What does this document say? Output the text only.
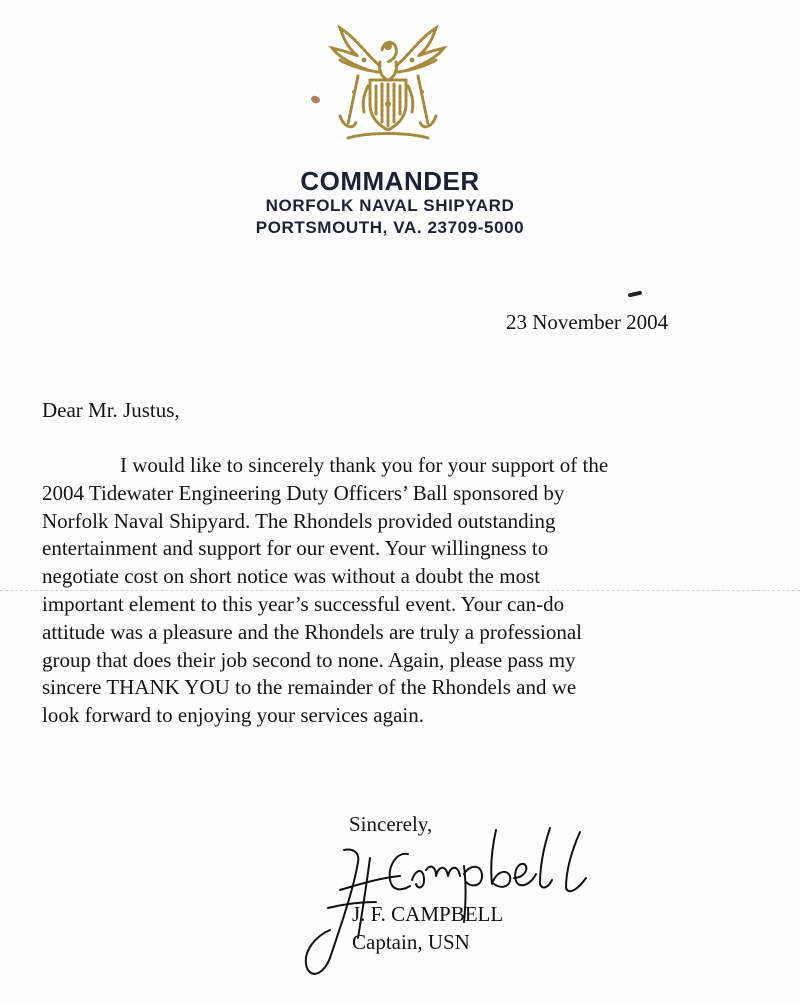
COMMANDER
NORFOLK NAVAL SHIPYARD
PORTSMOUTH, VA. 23709-5000
23 November 2004
Dear Mr. Justus,
I would like to sincerely thank you for your support of the
2004 Tidewater Engineering Duty Officers’ Ball sponsored by
Norfolk Naval Shipyard. The Rhondels provided outstanding
entertainment and support for our event. Your willingness to
negotiate cost on short notice was without a doubt the most
important element to this year’s successful event. Your can-do
attitude was a pleasure and the Rhondels are truly a professional
group that does their job second to none. Again, please pass my
sincere THANK YOU to the remainder of the Rhondels and we
look forward to enjoying your services again.
Sincerely,
J. F. CAMPBELL
Captain, USN
